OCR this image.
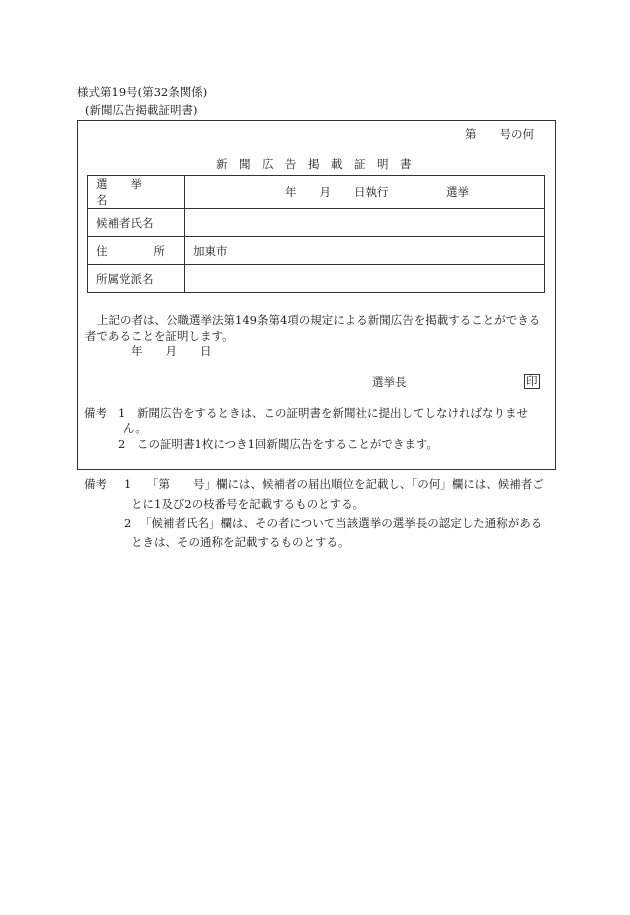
様式第19号(第32条関係)
(新聞広告掲載証明書)
第　　号の何
新　聞　広　告　掲　載　証　明　書
選　　挙　　名	年　　月　　日執行　　　　　選挙

候補者氏名	

住　　　　所	加東市

所属党派名	

上記の者は、公職選挙法第149条第4項の規定による新聞広告を掲載することができる
者であることを証明します。
年　　月　　日
選挙長	印
備考 1 新聞広告をするときは、この証明書を新聞社に提出してしなければなりませ
ん。
2 この証明書1枚につき1回新聞広告をすることができます。
備考 1 「第　　号」欄には、候補者の届出順位を記載し、「の何」欄には、候補者ご
とに1及び2の枝番号を記載するものとする。
2 「候補者氏名」欄は、その者について当該選挙の選挙長の認定した通称がある
ときは、その通称を記載するものとする。
